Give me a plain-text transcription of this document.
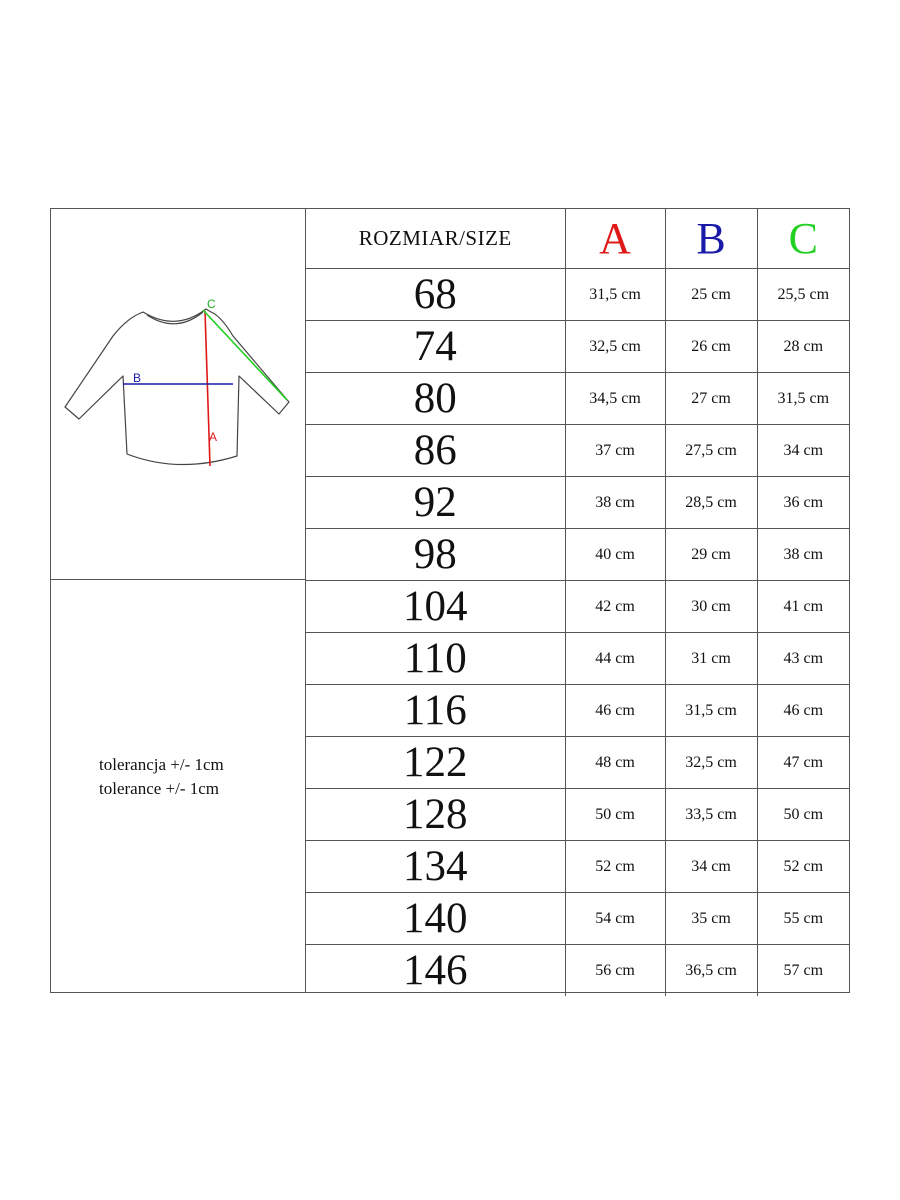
C
B
A
tolerancja +/- 1cm
tolerance +/- 1cm
ROZMIAR/SIZE	A	B	C
68	31,5 cm	25 cm	25,5 cm
74	32,5 cm	26 cm	28 cm
80	34,5 cm	27 cm	31,5 cm
86	37 cm	27,5 cm	34 cm
92	38 cm	28,5 cm	36 cm
98	40 cm	29 cm	38 cm
104	42 cm	30 cm	41 cm
110	44 cm	31 cm	43 cm
116	46 cm	31,5 cm	46 cm
122	48 cm	32,5 cm	47 cm
128	50 cm	33,5 cm	50 cm
134	52 cm	34 cm	52 cm
140	54 cm	35 cm	55 cm
146	56 cm	36,5 cm	57 cm
